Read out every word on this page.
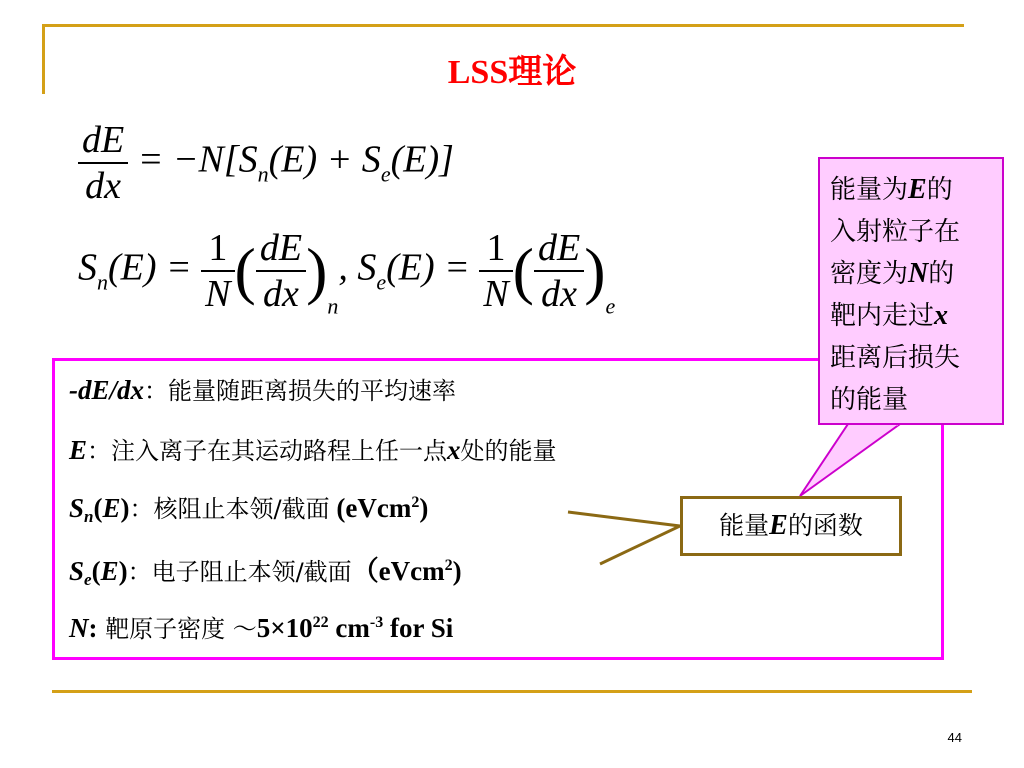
LSS理论
$\frac{dE}{dx} = -N[S_n(E) + S_e(E)]$
$S_n(E) = \frac{1}{N}$ ( $\frac{dE}{dx} )_n$, $S_e(E) = \frac{1}{N}$ ( $\frac{dE}{dx} )_e$
-dE/dx：能量随距离损失的平均速率
E：注入离子在其运动路程上任一点x处的能量
$S_n(E)$：核阻止本领/截面 (eVcm$^2$)
$S_e(E)$：电子阻止本领/截面（eVcm$^2$)
N: 靶原子密度 $\sim 5\times 10^{22}$ $cm^{-3}$ for Si
能量为E的
入射粒子在
密度为N的
靶内走过x
距离后损失
的能量
能量E的函数
44
